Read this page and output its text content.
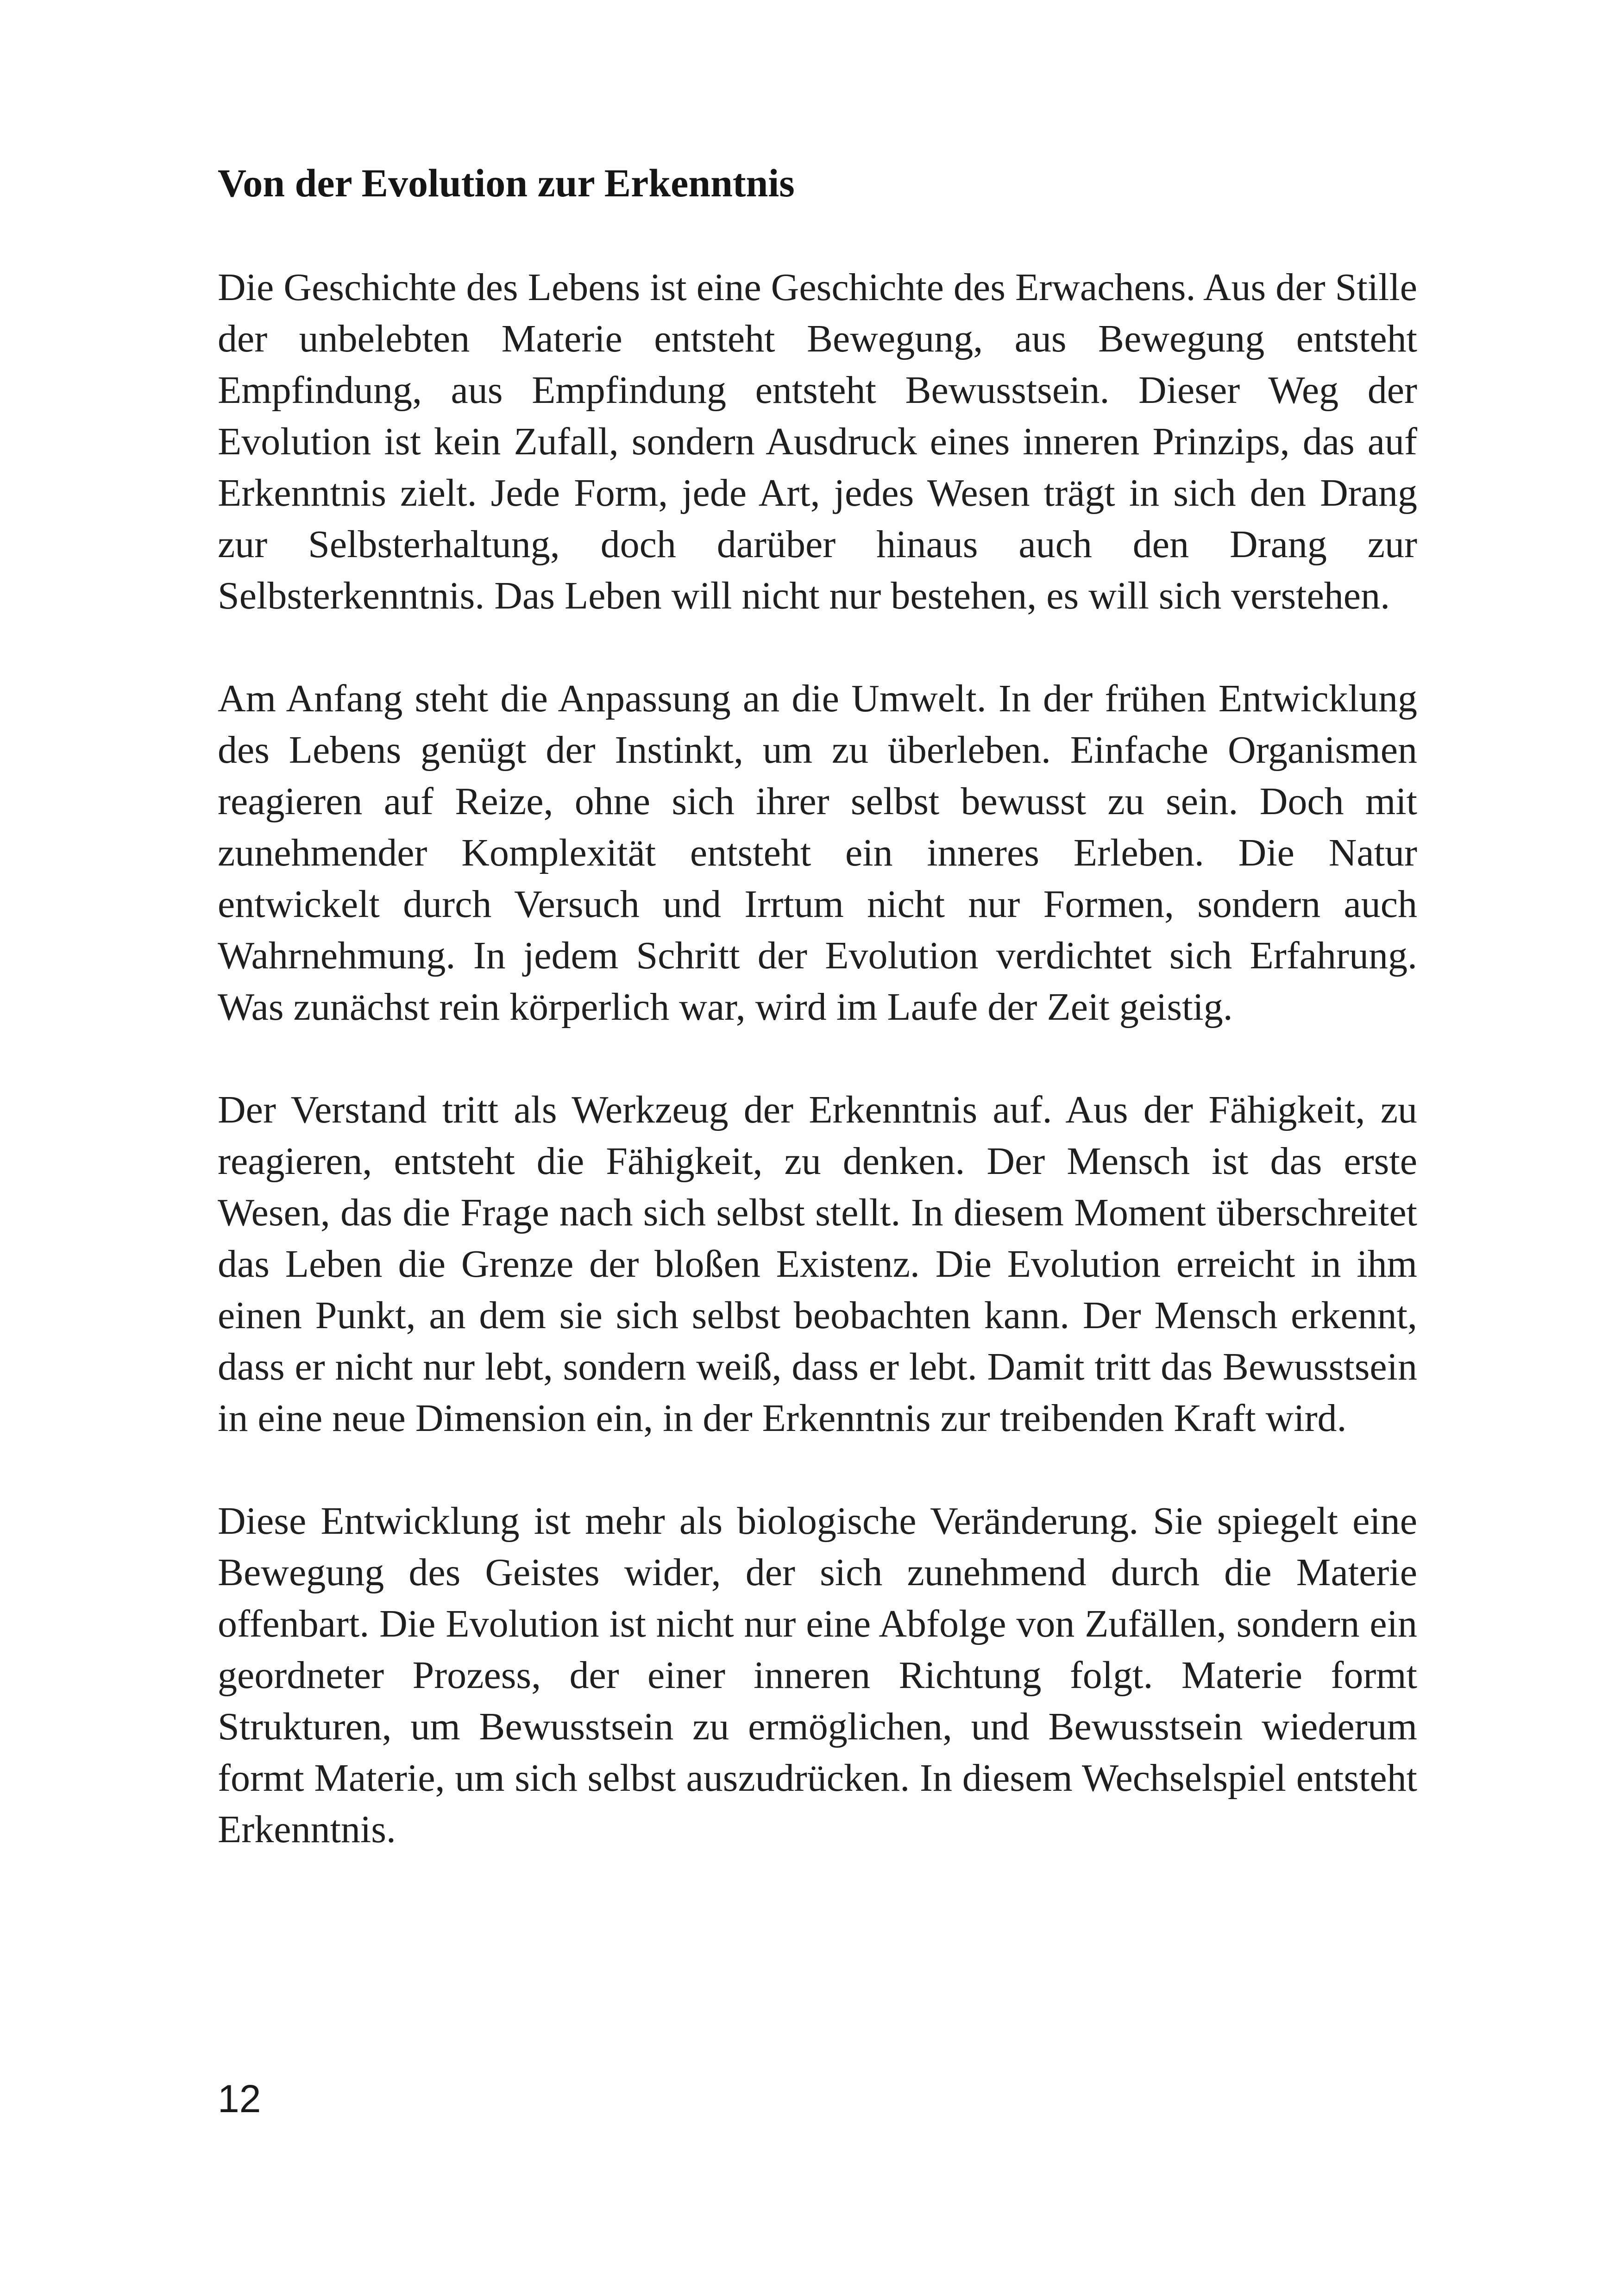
Von der Evolution zur Erkenntnis

Die Geschichte des Lebens ist eine Geschichte des Erwachens. Aus der Stille der unbelebten Materie entsteht Bewegung, aus Bewegung entsteht Empfindung, aus Empfindung entsteht Bewusstsein. Dieser Weg der Evolution ist kein Zufall, sondern Ausdruck eines inneren Prinzips, das auf Erkenntnis zielt. Jede Form, jede Art, jedes Wesen trägt in sich den Drang zur Selbsterhaltung, doch darüber hinaus auch den Drang zur Selbsterkenntnis. Das Leben will nicht nur bestehen, es will sich verstehen.

Am Anfang steht die Anpassung an die Umwelt. In der frühen Entwicklung des Lebens genügt der Instinkt, um zu überleben. Einfache Organismen reagieren auf Reize, ohne sich ihrer selbst bewusst zu sein. Doch mit zunehmender Komplexität entsteht ein inneres Erleben. Die Natur entwickelt durch Versuch und Irrtum nicht nur Formen, sondern auch Wahrnehmung. In jedem Schritt der Evolution verdichtet sich Erfahrung. Was zunächst rein körperlich war, wird im Laufe der Zeit geistig.

Der Verstand tritt als Werkzeug der Erkenntnis auf. Aus der Fähigkeit, zu reagieren, entsteht die Fähigkeit, zu denken. Der Mensch ist das erste Wesen, das die Frage nach sich selbst stellt. In diesem Moment überschreitet das Leben die Grenze der bloßen Existenz. Die Evolution erreicht in ihm einen Punkt, an dem sie sich selbst beobachten kann. Der Mensch erkennt, dass er nicht nur lebt, sondern weiß, dass er lebt. Damit tritt das Bewusstsein in eine neue Dimension ein, in der Erkenntnis zur treibenden Kraft wird.

Diese Entwicklung ist mehr als biologische Veränderung. Sie spiegelt eine Bewegung des Geistes wider, der sich zunehmend durch die Materie offenbart. Die Evolution ist nicht nur eine Abfolge von Zufällen, sondern ein geordneter Prozess, der einer inneren Richtung folgt. Materie formt Strukturen, um Bewusstsein zu ermöglichen, und Bewusstsein wiederum formt Materie, um sich selbst auszudrücken. In diesem Wechselspiel entsteht Erkenntnis.

12
